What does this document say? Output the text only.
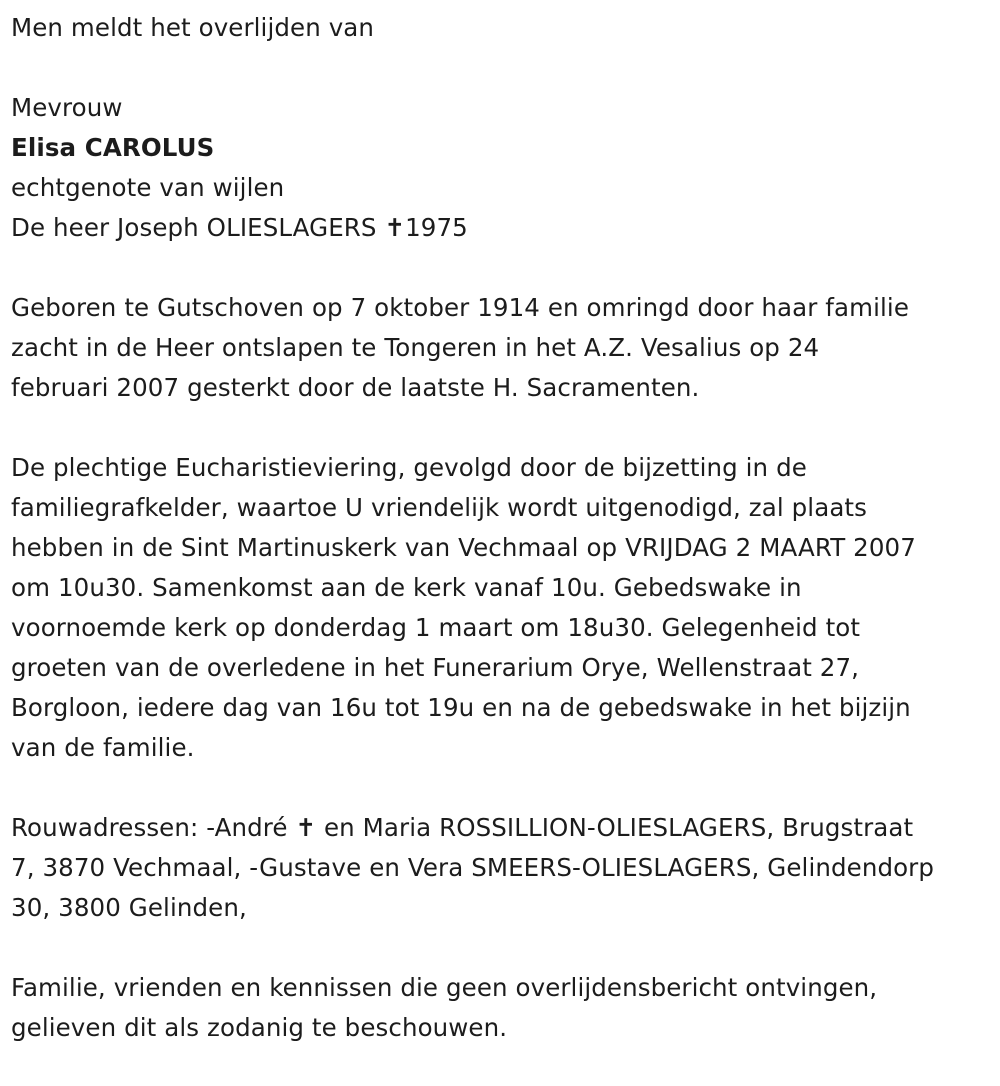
Men meldt het overlijden van
Mevrouw
Elisa CAROLUS
echtgenote van wijlen
De heer Joseph OLIESLAGERS ✝1975
Geboren te Gutschoven op 7 oktober 1914 en omringd door haar familie
zacht in de Heer ontslapen te Tongeren in het A.Z. Vesalius op 24
februari 2007 gesterkt door de laatste H. Sacramenten.
De plechtige Eucharistieviering, gevolgd door de bijzetting in de
familiegrafkelder, waartoe U vriendelijk wordt uitgenodigd, zal plaats
hebben in de Sint Martinuskerk van Vechmaal op VRIJDAG 2 MAART 2007
om 10u30. Samenkomst aan de kerk vanaf 10u. Gebedswake in
voornoemde kerk op donderdag 1 maart om 18u30. Gelegenheid tot
groeten van de overledene in het Funerarium Orye, Wellenstraat 27,
Borgloon, iedere dag van 16u tot 19u en na de gebedswake in het bijzijn
van de familie.
Rouwadressen: -André ✝ en Maria ROSSILLION-OLIESLAGERS, Brugstraat
7, 3870 Vechmaal, -Gustave en Vera SMEERS-OLIESLAGERS, Gelindendorp
30, 3800 Gelinden,
Familie, vrienden en kennissen die geen overlijdensbericht ontvingen,
gelieven dit als zodanig te beschouwen.
